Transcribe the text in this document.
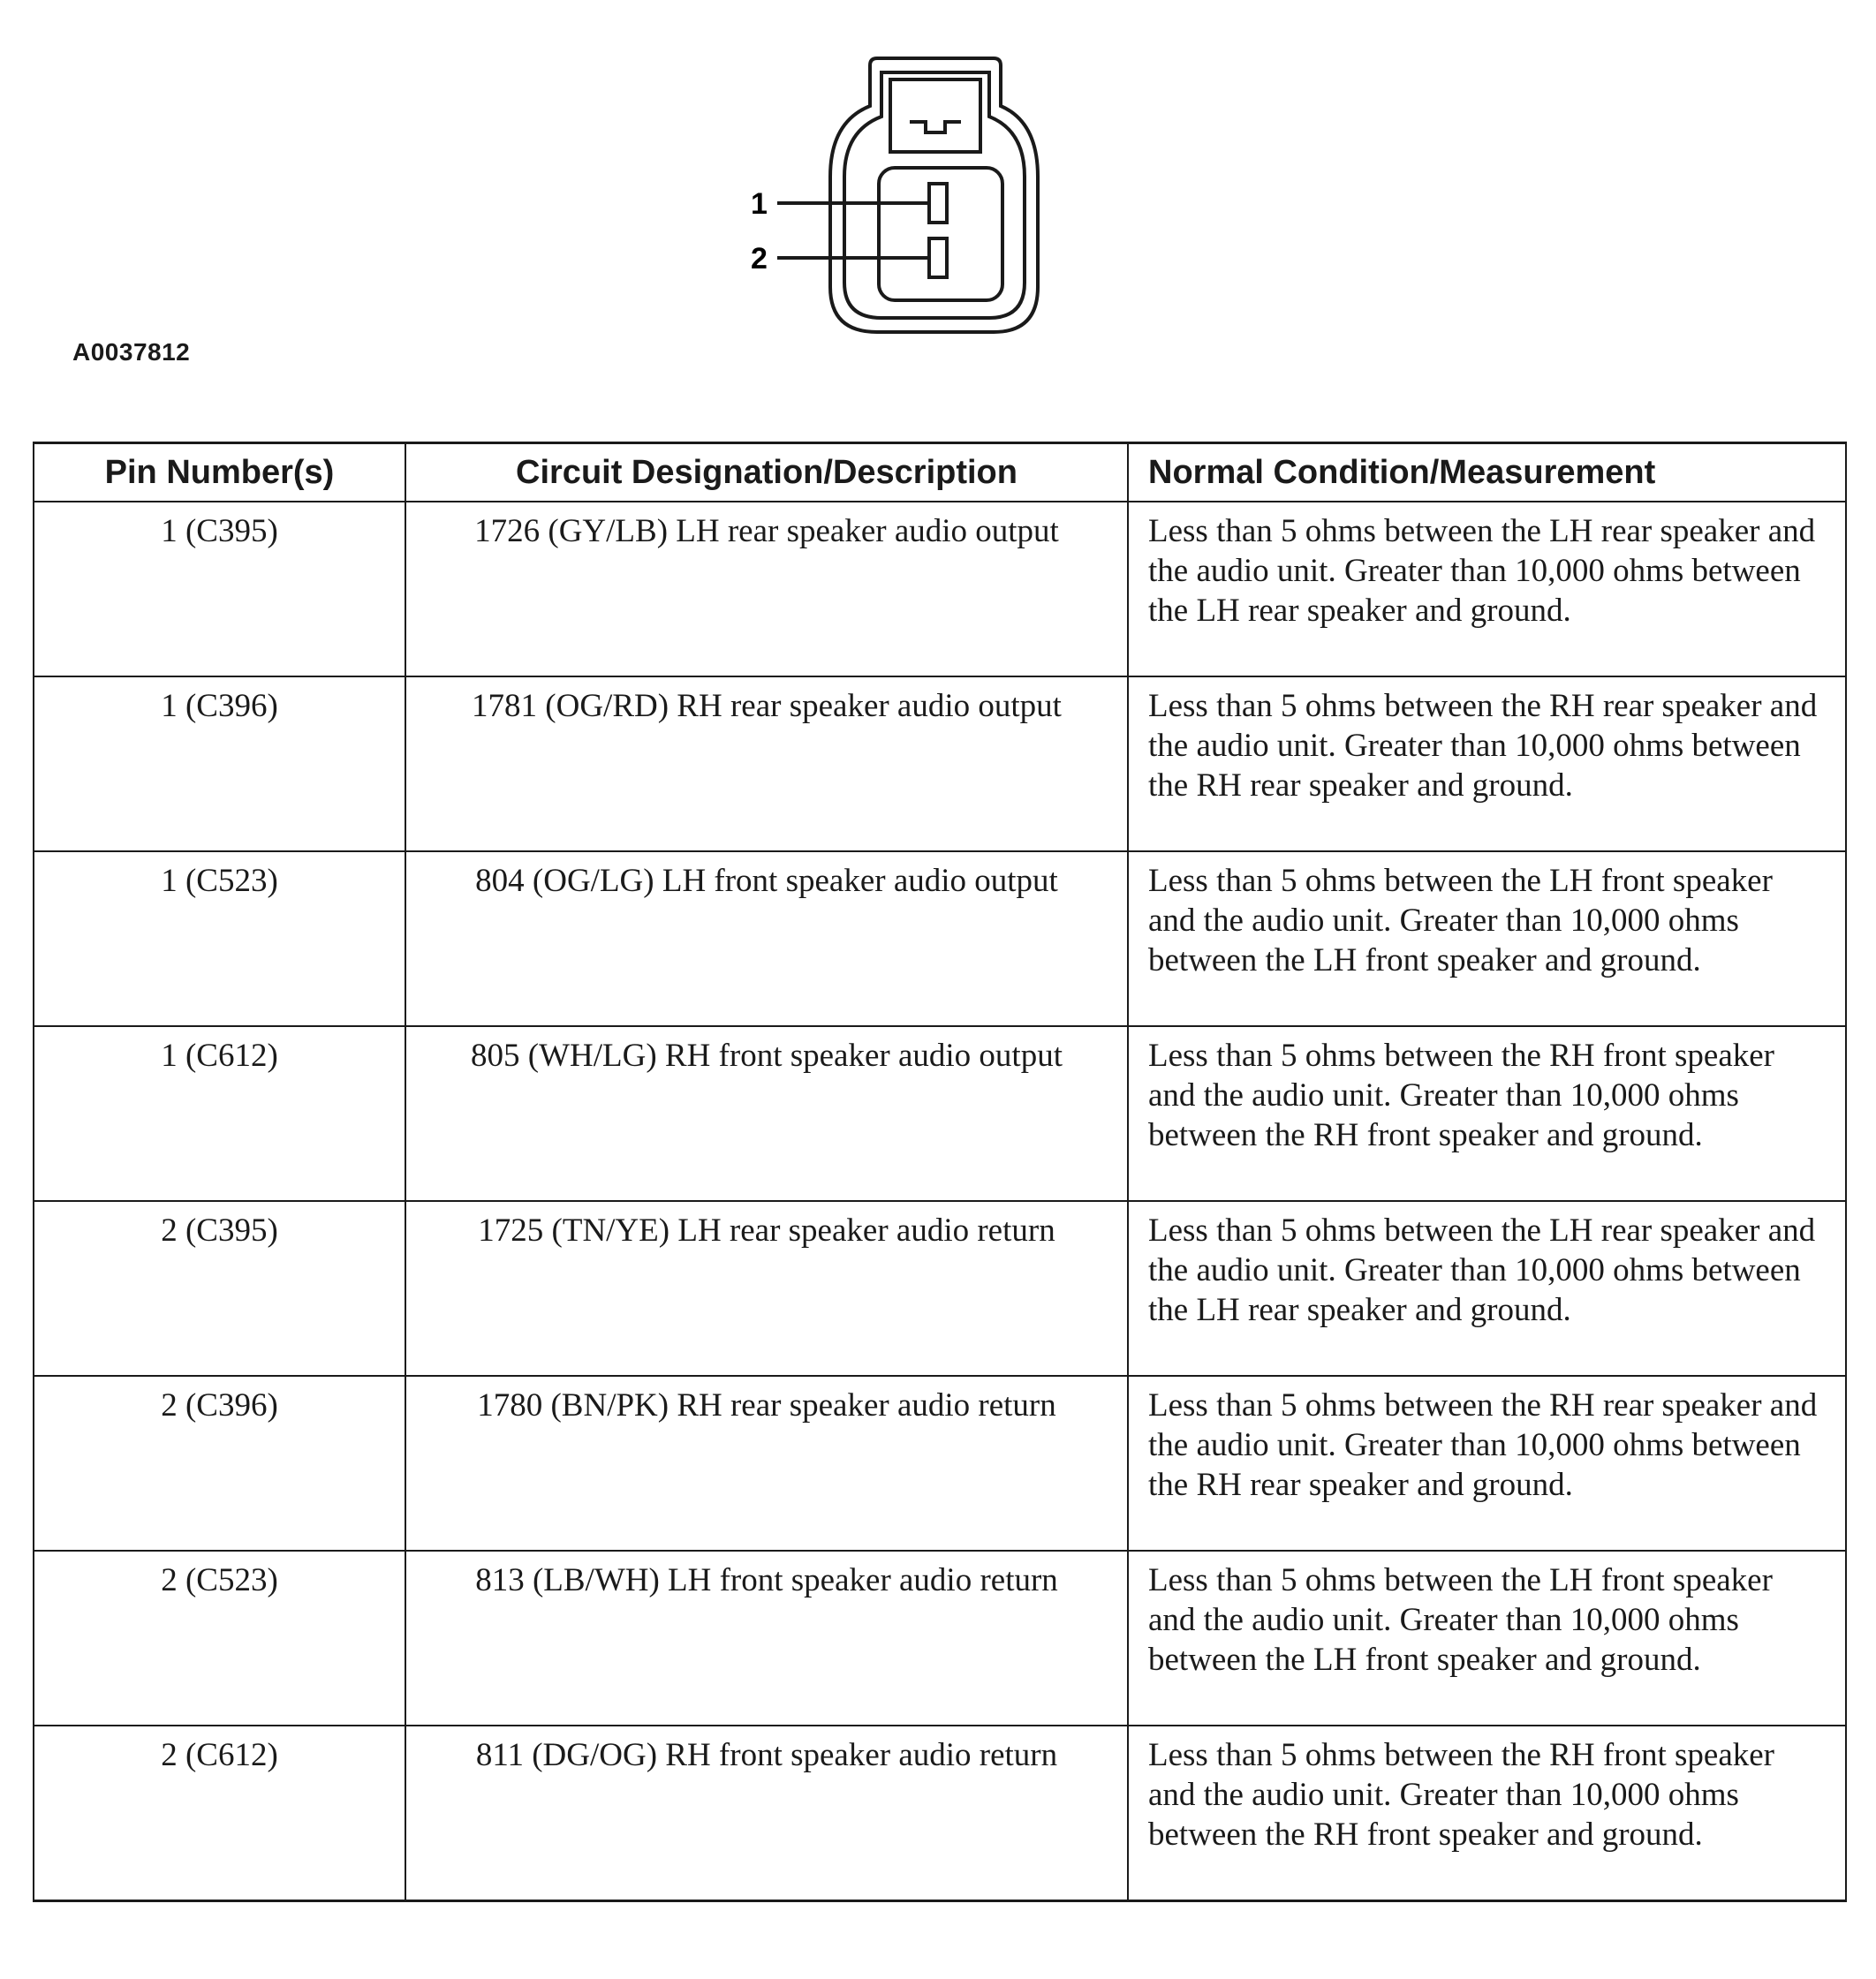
1
2
A0037812
Pin Number(s)	Circuit Designation/Description	Normal Condition/Measurement
1 (C395)	1726 (GY/LB) LH rear speaker audio output	Less than 5 ohms between the LH rear speaker and the audio unit. Greater than 10,000 ohms between the LH rear speaker and ground.
1 (C396)	1781 (OG/RD) RH rear speaker audio output	Less than 5 ohms between the RH rear speaker and the audio unit. Greater than 10,000 ohms between the RH rear speaker and ground.
1 (C523)	804 (OG/LG) LH front speaker audio output	Less than 5 ohms between the LH front speaker and the audio unit. Greater than 10,000 ohms between the LH front speaker and ground.
1 (C612)	805 (WH/LG) RH front speaker audio output	Less than 5 ohms between the RH front speaker and the audio unit. Greater than 10,000 ohms between the RH front speaker and ground.
2 (C395)	1725 (TN/YE) LH rear speaker audio return	Less than 5 ohms between the LH rear speaker and the audio unit. Greater than 10,000 ohms between the LH rear speaker and ground.
2 (C396)	1780 (BN/PK) RH rear speaker audio return	Less than 5 ohms between the RH rear speaker and the audio unit. Greater than 10,000 ohms between the RH rear speaker and ground.
2 (C523)	813 (LB/WH) LH front speaker audio return	Less than 5 ohms between the LH front speaker and the audio unit. Greater than 10,000 ohms between the LH front speaker and ground.
2 (C612)	811 (DG/OG) RH front speaker audio return	Less than 5 ohms between the RH front speaker and the audio unit. Greater than 10,000 ohms between the RH front speaker and ground.
